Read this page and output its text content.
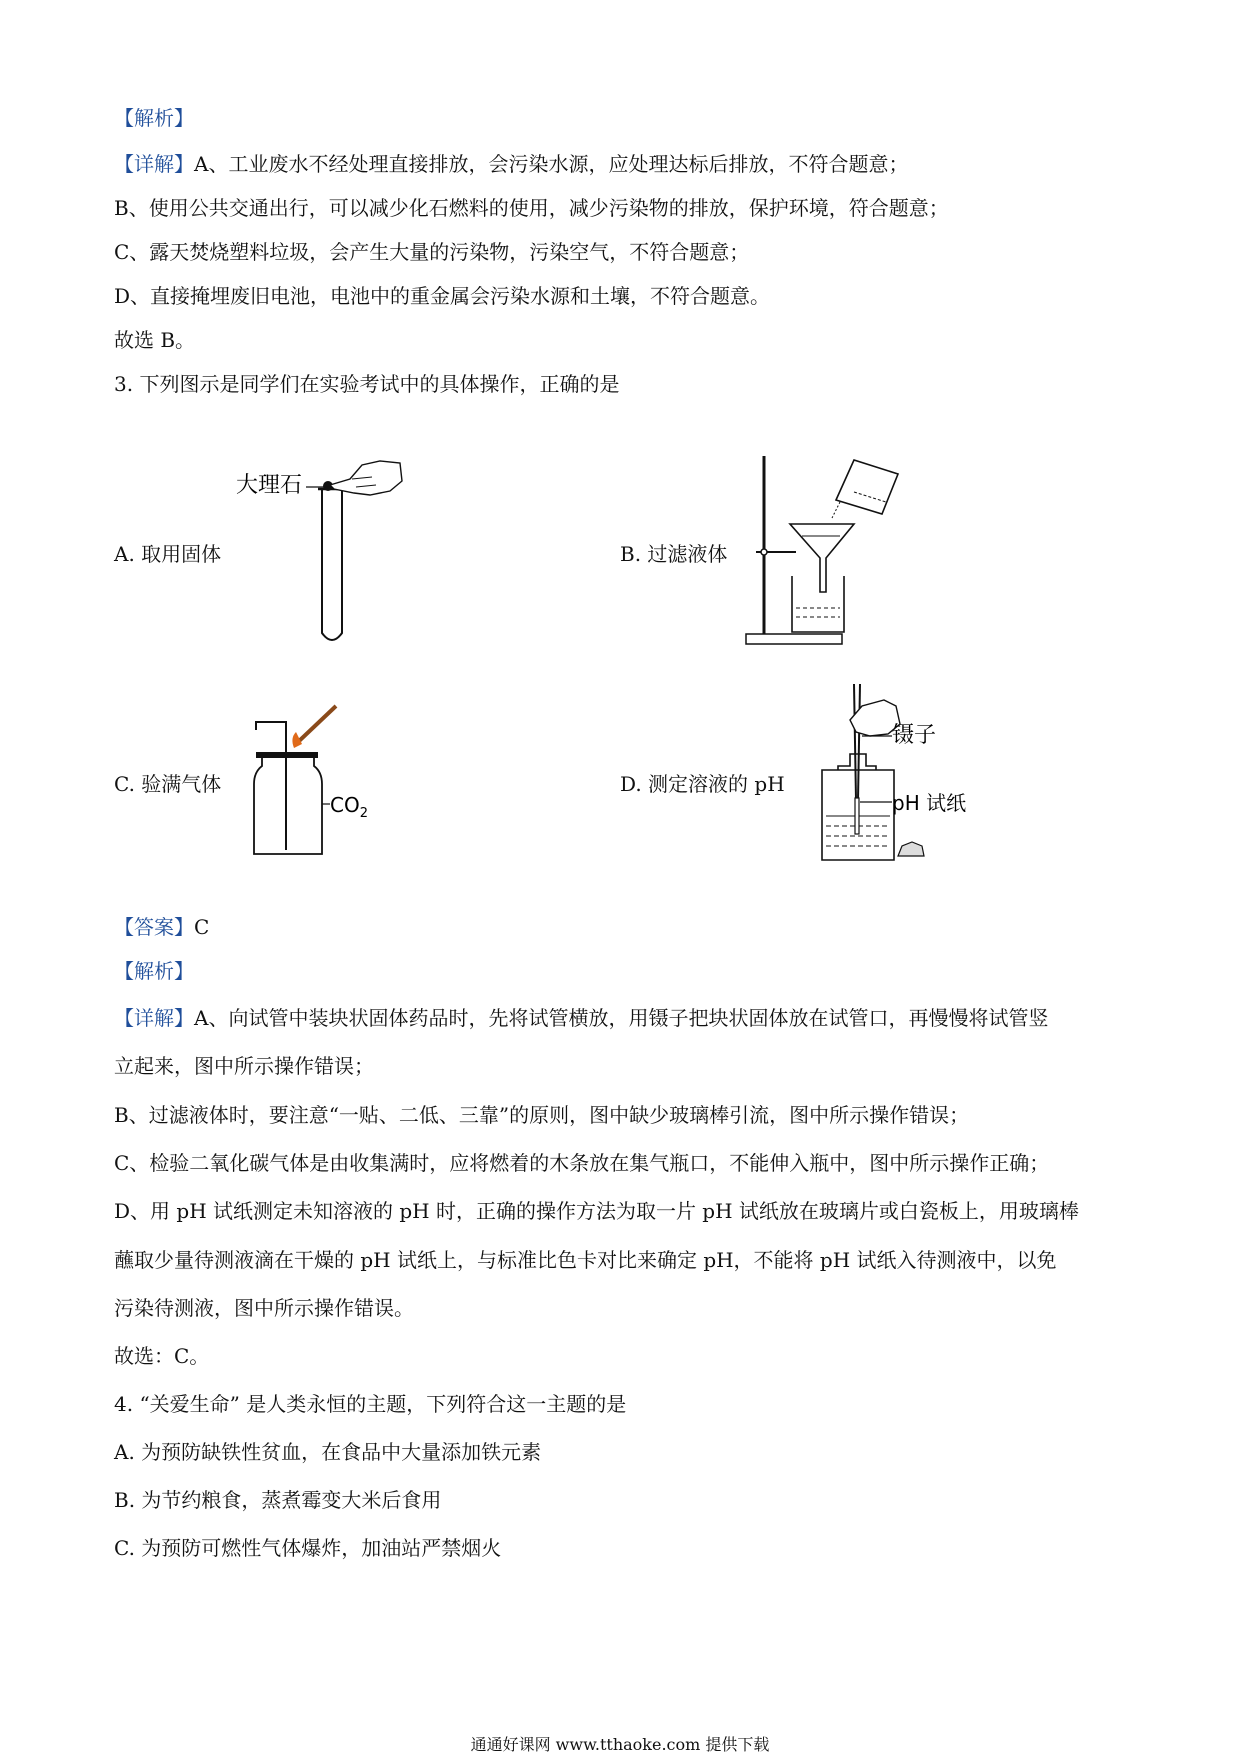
【解析】
【详解】A、工业废水不经处理直接排放，会污染水源，应处理达标后排放，不符合题意；
B、使用公共交通出行，可以减少化石燃料的使用，减少污染物的排放，保护环境，符合题意；
C、露天焚烧塑料垃圾，会产生大量的污染物，污染空气，不符合题意；
D、直接掩埋废旧电池，电池中的重金属会污染水源和土壤，不符合题意。
故选 B。
3. 下列图示是同学们在实验考试中的具体操作，正确的是
A. 取用固体	B. 过滤液体
C. 验满气体	D. 测定溶液的 pH
大理石
$CO_2$
镊子
pH 试纸
【答案】C
【解析】
【详解】A、向试管中装块状固体药品时，先将试管横放，用镊子把块状固体放在试管口，再慢慢将试管竖
立起来，图中所示操作错误；
B、过滤液体时，要注意“一贴、二低、三靠”的原则，图中缺少玻璃棒引流，图中所示操作错误；
C、检验二氧化碳气体是由收集满时，应将燃着的木条放在集气瓶口，不能伸入瓶中，图中所示操作正确；
D、用 pH 试纸测定未知溶液的 pH 时，正确的操作方法为取一片 pH 试纸放在玻璃片或白瓷板上，用玻璃棒
蘸取少量待测液滴在干燥的 pH 试纸上，与标准比色卡对比来确定 pH，不能将 pH 试纸入待测液中，以免
污染待测液，图中所示操作错误。
故选：C。
4. “关爱生命” 是人类永恒的主题，下列符合这一主题的是
A. 为预防缺铁性贫血，在食品中大量添加铁元素
B. 为节约粮食，蒸煮霉变大米后食用
C. 为预防可燃性气体爆炸，加油站严禁烟火
通通好课网 www.tthaoke.com 提供下载
